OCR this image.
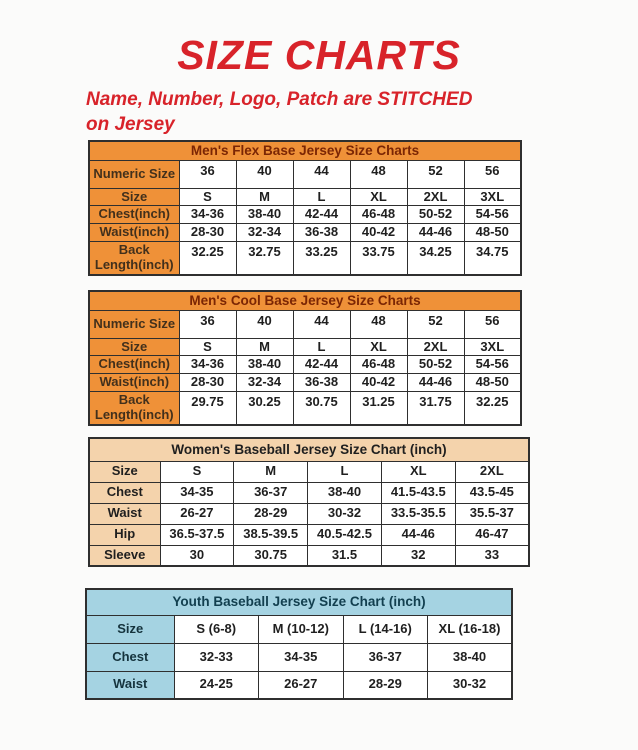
SIZE CHARTS
Name, Number, Logo, Patch are STITCHED
on Jersey
Men's Flex Base Jersey Size Charts						
Numeric Size	36	40	44	48	52	56
Size	S	M	L	XL	2XL	3XL
Chest(inch)	34-36	38-40	42-44	46-48	50-52	54-56
Waist(inch)	28-30	32-34	36-38	40-42	44-46	48-50
Back Length(inch)	32.25	32.75	33.25	33.75	34.25	34.75
Men's Cool Base Jersey Size Charts						
Numeric Size	36	40	44	48	52	56
Size	S	M	L	XL	2XL	3XL
Chest(inch)	34-36	38-40	42-44	46-48	50-52	54-56
Waist(inch)	28-30	32-34	36-38	40-42	44-46	48-50
Back Length(inch)	29.75	30.25	30.75	31.25	31.75	32.25
Women's Baseball Jersey Size Chart (inch)					
Size	S	M	L	XL	2XL
Chest	34-35	36-37	38-40	41.5-43.5	43.5-45
Waist	26-27	28-29	30-32	33.5-35.5	35.5-37
Hip	36.5-37.5	38.5-39.5	40.5-42.5	44-46	46-47
Sleeve	30	30.75	31.5	32	33
Youth Baseball Jersey Size Chart (inch)				
Size	S (6-8)	M (10-12)	L (14-16)	XL (16-18)
Chest	32-33	34-35	36-37	38-40
Waist	24-25	26-27	28-29	30-32
